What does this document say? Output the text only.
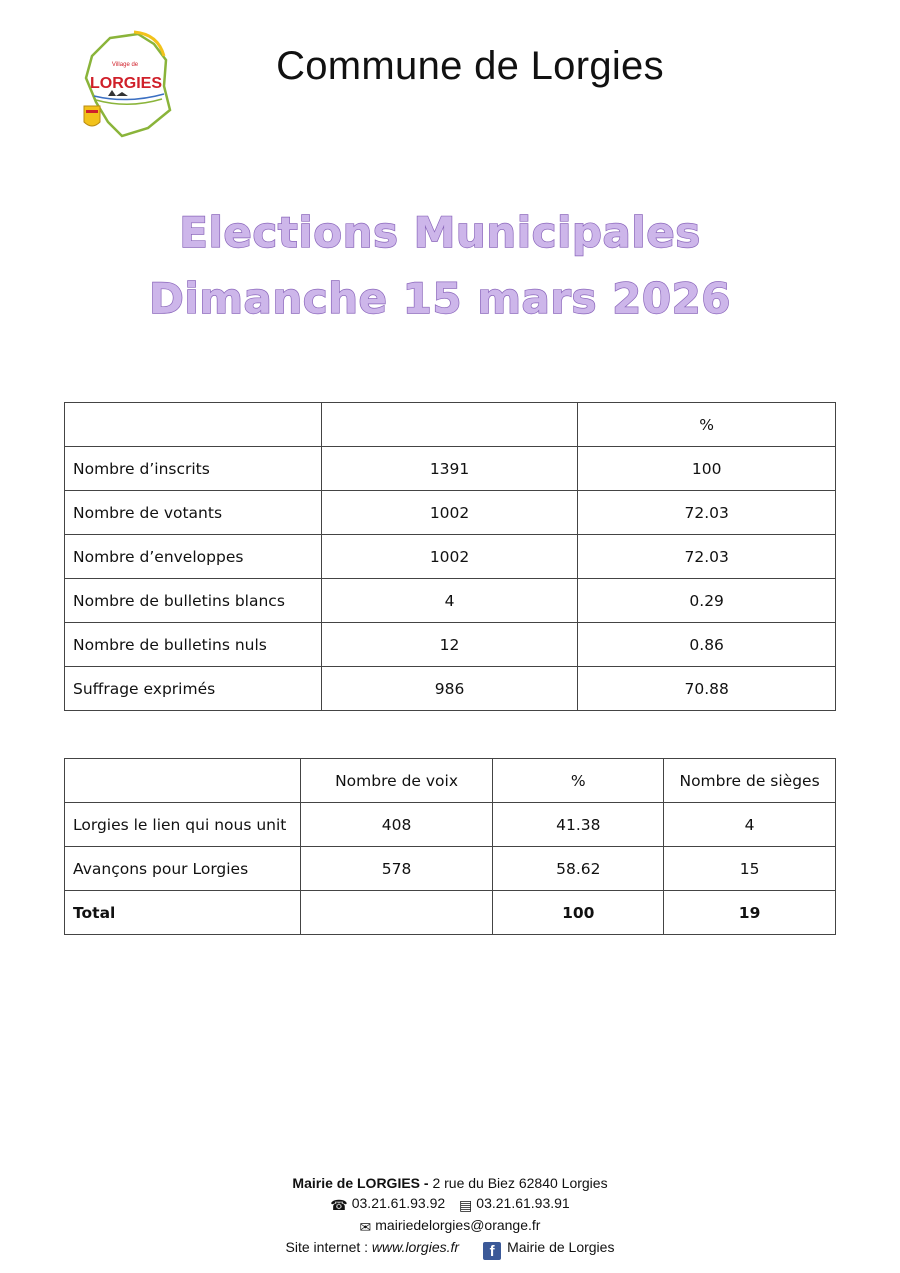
Village de
LORGIES	Commune de Lorgies
Elections Municipales
Dimanche 15 mars 2026
		%
Nombre d’inscrits	1391	100
Nombre de votants	1002	72.03
Nombre d’enveloppes	1002	72.03
Nombre de bulletins blancs	4	0.29
Nombre de bulletins nuls	12	0.86
Suffrage exprimés	986	70.88
	Nombre de voix	%	Nombre de sièges
Lorgies le lien qui nous unit	408	41.38	4
Avançons pour Lorgies	578	58.62	15
Total		100	19
Mairie de LORGIES - 2 rue du Biez 62840 Lorgies
☎ 03.21.61.93.92 ▤ 03.21.61.93.91
✉ mairiedelorgies@orange.fr
Site internet : www.lorgies.fr f Mairie de Lorgies
